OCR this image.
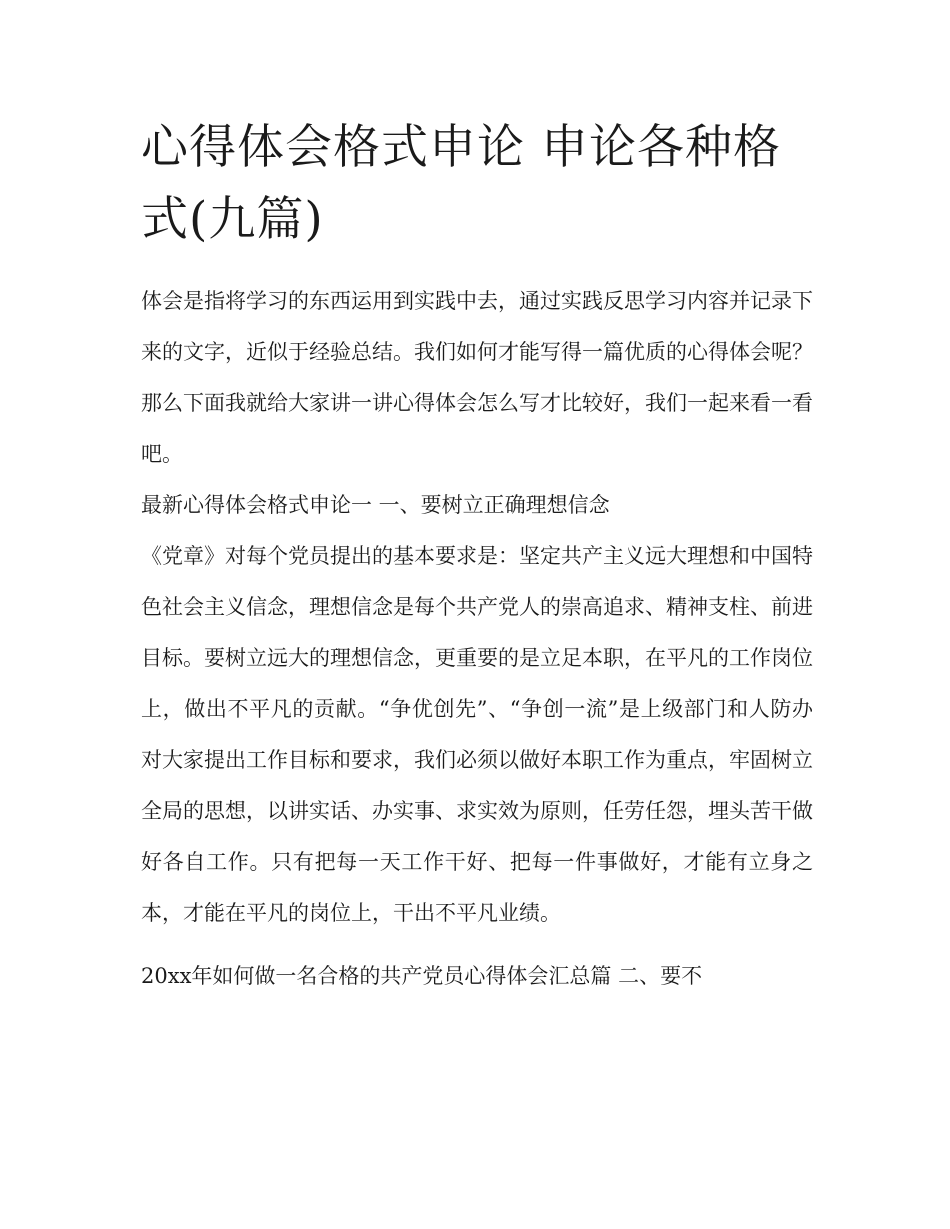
心得体会格式申论 申论各种格式(九篇)

体会是指将学习的东西运用到实践中去，通过实践反思学习内容并记录下来的文字，近似于经验总结。我们如何才能写得一篇优质的心得体会呢？那么下面我就给大家讲一讲心得体会怎么写才比较好，我们一起来看一看吧。

最新心得体会格式申论一 一、要树立正确理想信念

《党章》对每个党员提出的基本要求是：坚定共产主义远大理想和中国特色社会主义信念，理想信念是每个共产党人的崇高追求、精神支柱、前进目标。要树立远大的理想信念，更重要的是立足本职，在平凡的工作岗位上，做出不平凡的贡献。“争优创先”、“争创一流”是上级部门和人防办对大家提出工作目标和要求，我们必须以做好本职工作为重点，牢固树立全局的思想，以讲实话、办实事、求实效为原则，任劳任怨，埋头苦干做好各自工作。只有把每一天工作干好、把每一件事做好，才能有立身之本，才能在平凡的岗位上，干出不平凡业绩。

20xx年如何做一名合格的共产党员心得体会汇总篇 二、要不
